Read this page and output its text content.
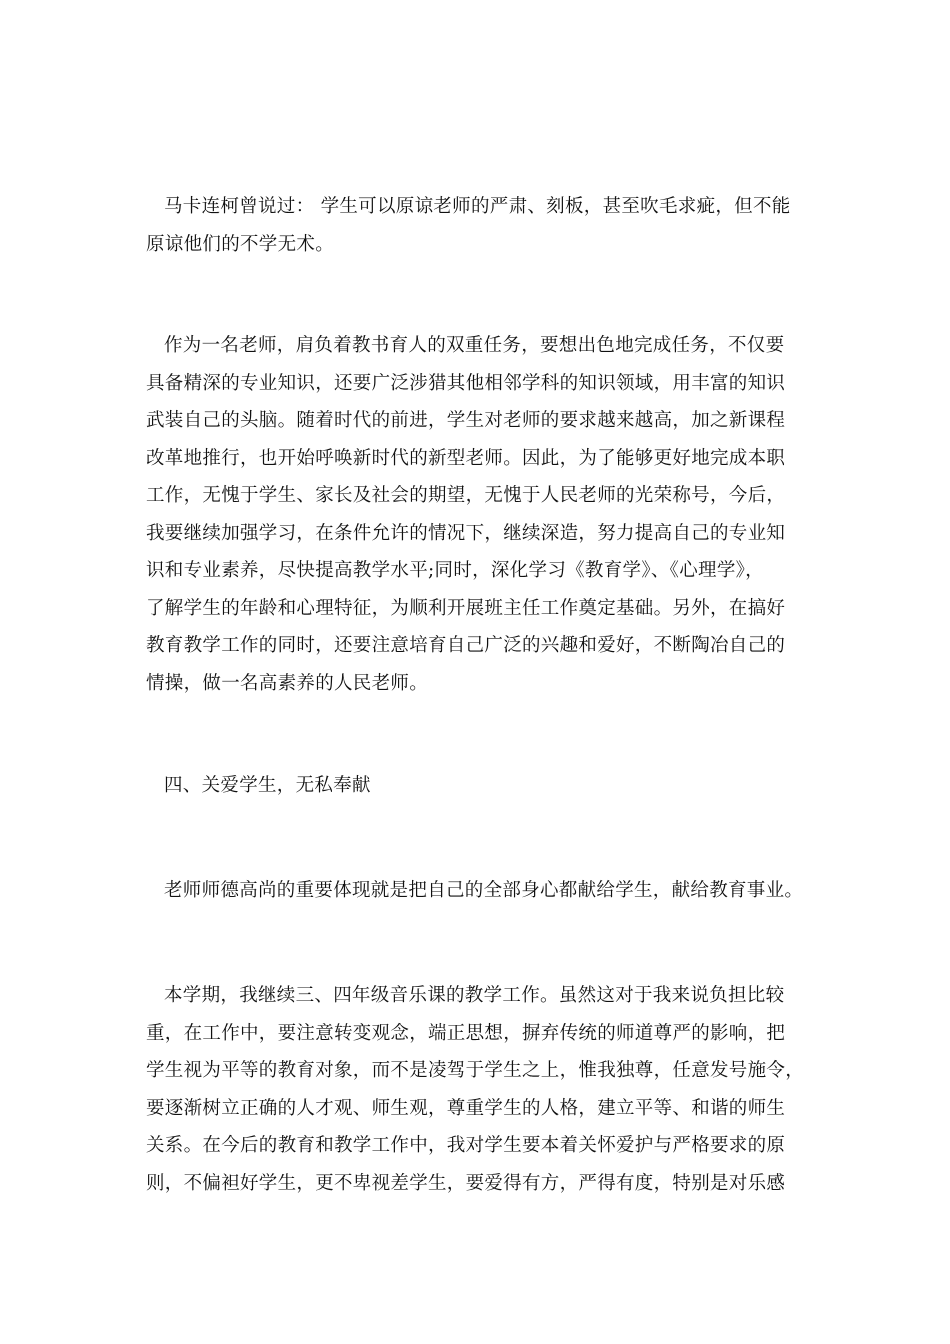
马卡连柯曾说过： 学生可以原谅老师的严肃、刻板，甚至吹毛求疵，但不能
原谅他们的不学无术。

作为一名老师，肩负着教书育人的双重任务，要想出色地完成任务，不仅要
具备精深的专业知识，还要广泛涉猎其他相邻学科的知识领域，用丰富的知识
武装自己的头脑。随着时代的前进，学生对老师的要求越来越高，加之新课程
改革地推行，也开始呼唤新时代的新型老师。因此，为了能够更好地完成本职
工作，无愧于学生、家长及社会的期望，无愧于人民老师的光荣称号，今后，
我要继续加强学习，在条件允许的情况下，继续深造，努力提高自己的专业知
识和专业素养，尽快提高教学水平;同时，深化学习《教育学》、《心理学》，
了解学生的年龄和心理特征，为顺利开展班主任工作奠定基础。另外，在搞好
教育教学工作的同时，还要注意培育自己广泛的兴趣和爱好，不断陶冶自己的
情操，做一名高素养的人民老师。

四、关爱学生，无私奉献

老师师德高尚的重要体现就是把自己的全部身心都献给学生，献给教育事业。

本学期，我继续三、四年级音乐课的教学工作。虽然这对于我来说负担比较
重，在工作中，要注意转变观念，端正思想，摒弃传统的师道尊严的影响，把
学生视为平等的教育对象，而不是凌驾于学生之上，惟我独尊，任意发号施令，
要逐渐树立正确的人才观、师生观，尊重学生的人格，建立平等、和谐的师生
关系。在今后的教育和教学工作中，我对学生要本着关怀爱护与严格要求的原
则，不偏袒好学生，更不卑视差学生，要爱得有方，严得有度，特别是对乐感
